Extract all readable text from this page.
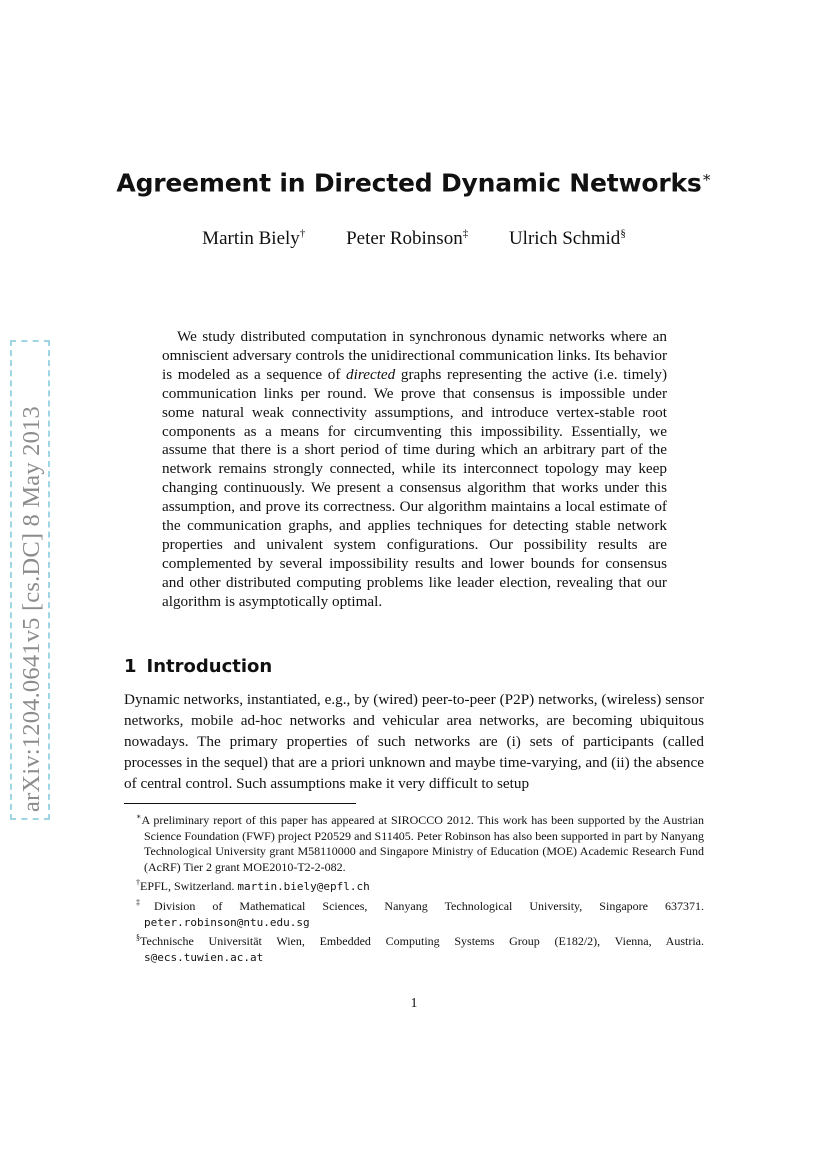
arXiv:1204.0641v5 [cs.DC] 8 May 2013
Agreement in Directed Dynamic Networks∗
Martin Biely† Peter Robinson‡ Ulrich Schmid§

We study distributed computation in synchronous dynamic networks where an omniscient adversary controls the unidirectional communication links. Its behavior is modeled as a sequence of directed graphs representing the active (i.e. timely) communication links per round. We prove that consensus is impossible under some natural weak connectivity assumptions, and introduce vertex-stable root components as a means for circumventing this impossibility. Essentially, we assume that there is a short period of time during which an arbitrary part of the network remains strongly connected, while its interconnect topology may keep changing continuously. We present a consensus algorithm that works under this assumption, and prove its correctness. Our algorithm maintains a local estimate of the communication graphs, and applies techniques for detecting stable network properties and univalent system configurations. Our possibility results are complemented by several impossibility results and lower bounds for consensus and other distributed computing problems like leader election, revealing that our algorithm is asymptotically optimal.

1 Introduction

Dynamic networks, instantiated, e.g., by (wired) peer-to-peer (P2P) networks, (wireless) sensor networks, mobile ad-hoc networks and vehicular area networks, are becoming ubiquitous nowadays. The primary properties of such networks are (i) sets of participants (called processes in the sequel) that are a priori unknown and maybe time-varying, and (ii) the absence of central control. Such assumptions make it very difficult to setup

∗A preliminary report of this paper has appeared at SIROCCO 2012. This work has been supported by the Austrian Science Foundation (FWF) project P20529 and S11405. Peter Robinson has also been supported in part by Nanyang Technological University grant M58110000 and Singapore Ministry of Education (MOE) Academic Research Fund (AcRF) Tier 2 grant MOE2010-T2-2-082.

†EPFL, Switzerland. martin.biely@epfl.ch

‡Division of Mathematical Sciences, Nanyang Technological University, Singapore 637371. peter.robinson@ntu.edu.sg

§Technische Universität Wien, Embedded Computing Systems Group (E182/2), Vienna, Austria. s@ecs.tuwien.ac.at

1
